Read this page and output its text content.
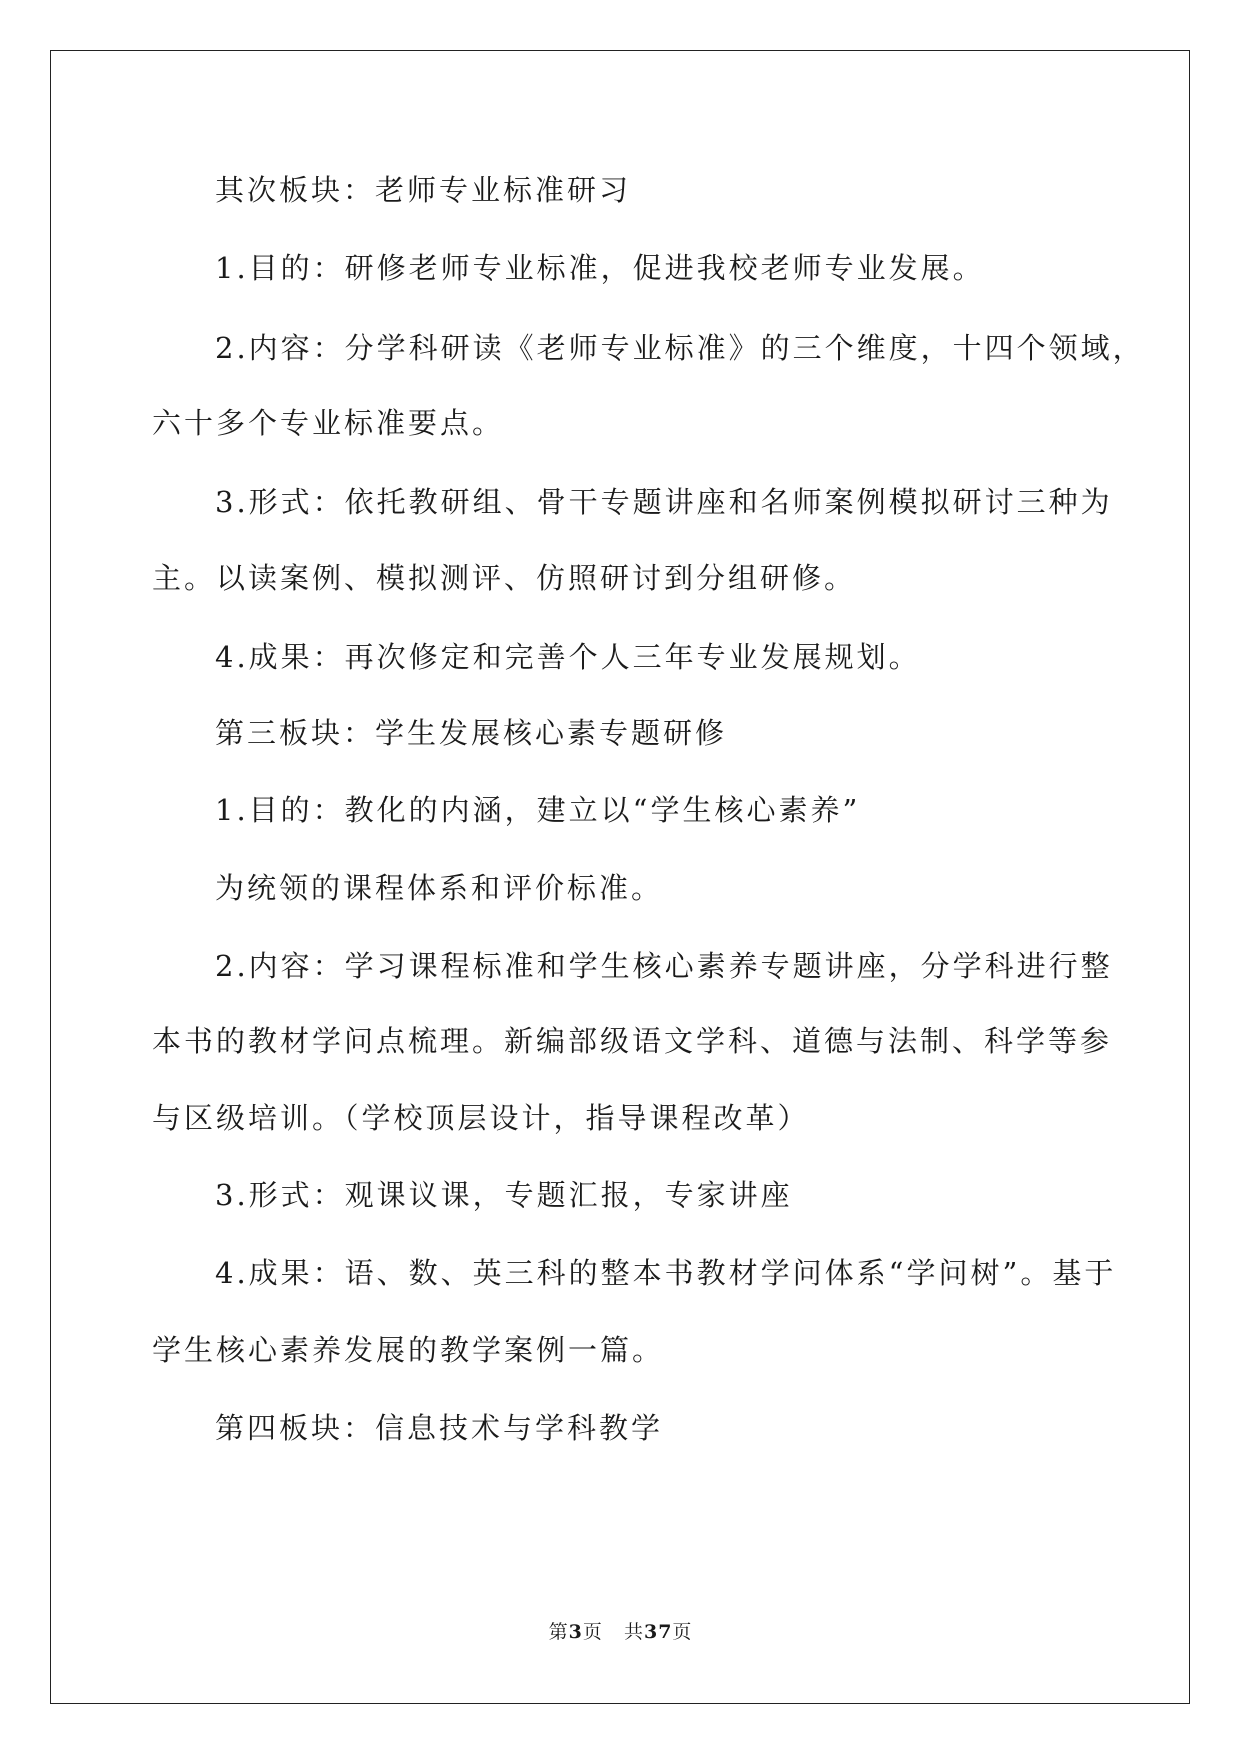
其次板块：老师专业标准研习

1.目的：研修老师专业标准，促进我校老师专业发展。

2.内容：分学科研读《老师专业标准》的三个维度，十四个领域，

六十多个专业标准要点。

3.形式：依托教研组、骨干专题讲座和名师案例模拟研讨三种为

主。以读案例、模拟测评、仿照研讨到分组研修。

4.成果：再次修定和完善个人三年专业发展规划。

第三板块：学生发展核心素专题研修

1.目的：教化的内涵，建立以“学生核心素养”

为统领的课程体系和评价标准。

2.内容：学习课程标准和学生核心素养专题讲座，分学科进行整

本书的教材学问点梳理。新编部级语文学科、道德与法制、科学等参

与区级培训。（学校顶层设计，指导课程改革）

3.形式：观课议课，专题汇报，专家讲座

4.成果：语、数、英三科的整本书教材学问体系“学问树”。基于

学生核心素养发展的教学案例一篇。

第四板块：信息技术与学科教学

第3页 共37页
